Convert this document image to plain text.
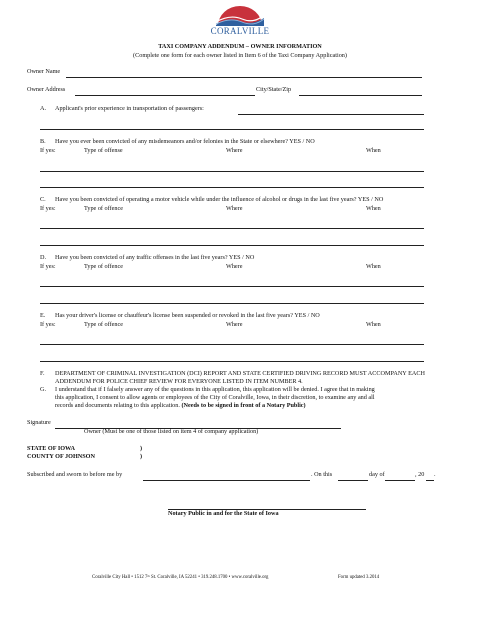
CORALVILLE
TAXI COMPANY ADDENDUM – OWNER INFORMATION
(Complete one form for each owner listed in Item 6 of the Taxi Company Application)
Owner Name
Owner Address	City/State/Zip
A. Applicant's prior experience in transportation of passengers:
B. Have you ever been convicted of any misdemeanors and/or felonies in the State or elsewhere? YES / NO
If yes:	Type of offense	Where	When
C. Have you been convicted of operating a motor vehicle while under the influence of alcohol or drugs in the last five years? YES / NO
If yes:	Type of offence	Where	When
D. Have you been convicted of any traffic offenses in the last five years? YES / NO
If yes:	Type of offence	Where	When
E. Has your driver's license or chauffeur's license been suspended or revoked in the last five years? YES / NO
If yes:	Type of offence	Where	When
F. DEPARTMENT OF CRIMINAL INVESTIGATION (DCI) REPORT AND STATE CERTIFIED DRIVING RECORD MUST ACCOMPANY EACH
ADDENDUM FOR POLICE CHIEF REVIEW FOR EVERYONE LISTED IN ITEM NUMBER 4.
G. I understand that if I falsely answer any of the questions in this application, this application will be denied. I agree that in making
this application, I consent to allow agents or employees of the City of Coralville, Iowa, in their discretion, to examine any and all
records and documents relating to this application. (Needs to be signed in front of a Notary Public)
Signature
Owner (Must be one of those listed on item 4 of company application)
STATE OF IOWA	)
COUNTY OF JOHNSON	)
Subscribed and sworn to before me by	. On this	day of	, 20 .
Notary Public in and for the State of Iowa
Coralville City Hall • 1512 7ᵗʰ St. Coralville, IA 52241 • 319.248.1700 • www.coralville.org	Form updated 3.2014
